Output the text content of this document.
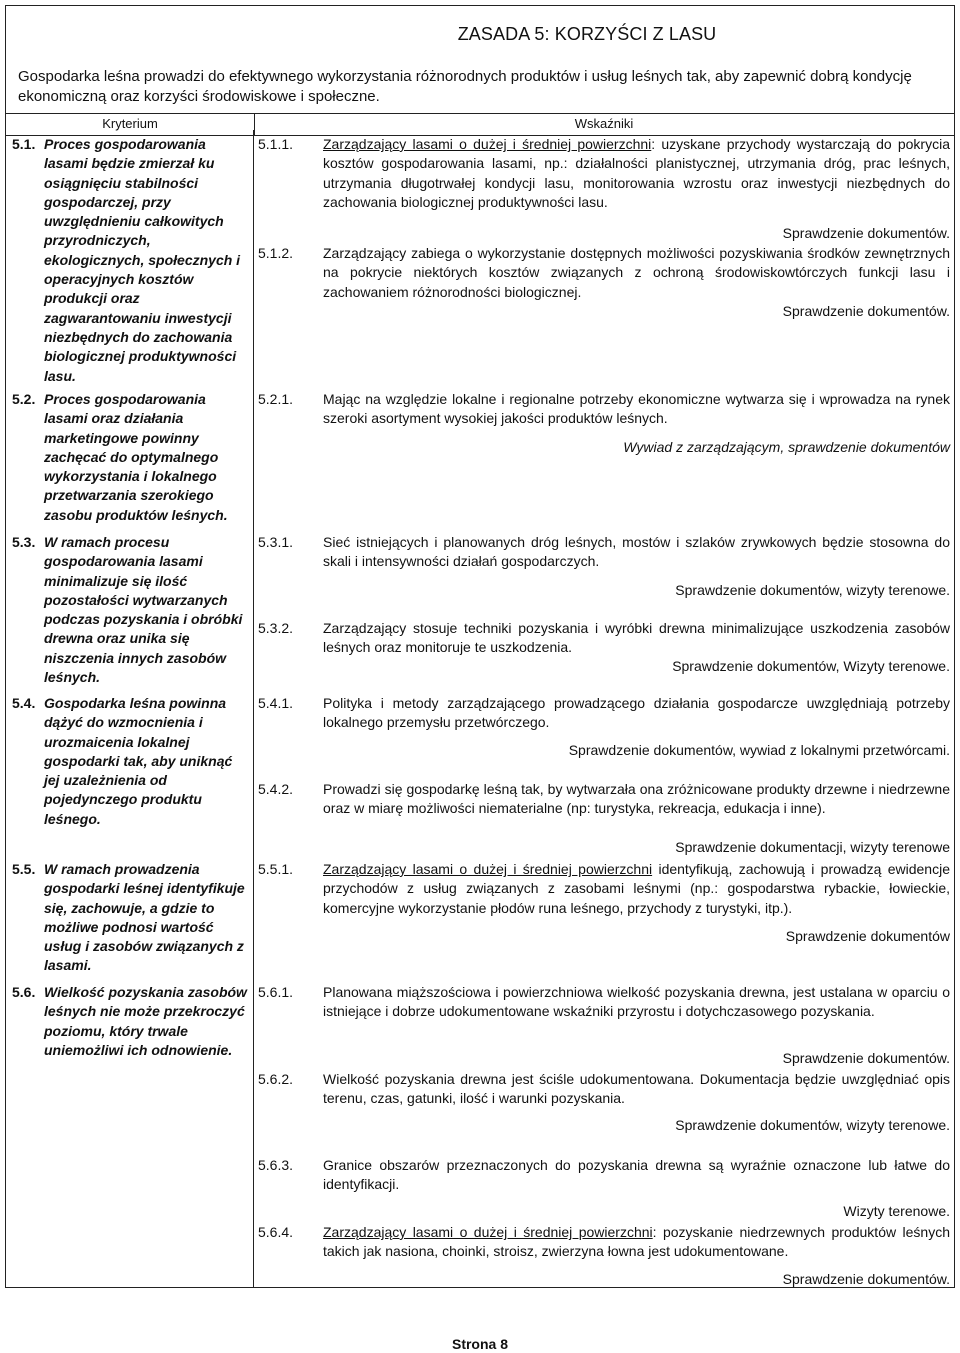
ZASADA 5: KORZYŚCI Z LASU
Gospodarka leśna prowadzi do efektywnego wykorzystania różnorodnych produktów i usług leśnych tak, aby zapewnić dobrą kondycję ekonomiczną oraz korzyści środowiskowe i społeczne.
Kryterium	Wskaźniki
5.1. Proces gospodarowania lasami będzie zmierzał ku osiągnięciu stabilności gospodarczej, przy uwzględnieniu całkowitych przyrodniczych, ekologicznych, społecznych i operacyjnych kosztów produkcji oraz zagwarantowaniu inwestycji niezbędnych do zachowania biologicznej produktywności lasu.
5.2. Proces gospodarowania lasami oraz działania marketingowe powinny zachęcać do optymalnego wykorzystania i lokalnego przetwarzania szerokiego zasobu produktów leśnych.
5.3. W ramach procesu gospodarowania lasami minimalizuje się ilość pozostałości wytwarzanych podczas pozyskania i obróbki drewna oraz unika się niszczenia innych zasobów leśnych.
5.4. Gospodarka leśna powinna dążyć do wzmocnienia i urozmaicenia lokalnej gospodarki tak, aby uniknąć jej uzależnienia od pojedynczego produktu leśnego.
5.5. W ramach prowadzenia gospodarki leśnej identyfikuje się, zachowuje, a gdzie to możliwe podnosi wartość usług i zasobów związanych z lasami.
5.6. Wielkość pozyskania zasobów leśnych nie może przekroczyć poziomu, który trwale uniemożliwi ich odnowienie.
5.1.1. Zarządzający lasami o dużej i średniej powierzchni: uzyskane przychody wystarczają do pokrycia kosztów gospodarowania lasami, np.: działalności planistycznej, utrzymania dróg, prac leśnych, utrzymania długotrwałej kondycji lasu, monitorowania wzrostu oraz inwestycji niezbędnych do zachowania biologicznej produktywności lasu.
Sprawdzenie dokumentów.
5.1.2. Zarządzający zabiega o wykorzystanie dostępnych możliwości pozyskiwania środków zewnętrznych na pokrycie niektórych kosztów związanych z ochroną środowiskowtórczych funkcji lasu i zachowaniem różnorodności biologicznej.
Sprawdzenie dokumentów.
5.2.1. Mając na względzie lokalne i regionalne potrzeby ekonomiczne wytwarza się i wprowadza na rynek szeroki asortyment wysokiej jakości produktów leśnych.
Wywiad z zarządzającym, sprawdzenie dokumentów
5.3.1. Sieć istniejących i planowanych dróg leśnych, mostów i szlaków zrywkowych będzie stosowna do skali i intensywności działań gospodarczych.
Sprawdzenie dokumentów, wizyty terenowe.
5.3.2. Zarządzający stosuje techniki pozyskania i wyróbki drewna minimalizujące uszkodzenia zasobów leśnych oraz monitoruje te uszkodzenia.
Sprawdzenie dokumentów, Wizyty terenowe.
5.4.1. Polityka i metody zarządzającego prowadzącego działania gospodarcze uwzględniają potrzeby lokalnego przemysłu przetwórczego.
Sprawdzenie dokumentów, wywiad z lokalnymi przetwórcami.
5.4.2. Prowadzi się gospodarkę leśną tak, by wytwarzała ona zróżnicowane produkty drzewne i niedrzewne oraz w miarę możliwości niematerialne (np: turystyka, rekreacja, edukacja i inne).
Sprawdzenie dokumentacji, wizyty terenowe
5.5.1. Zarządzający lasami o dużej i średniej powierzchni identyfikują, zachowują i prowadzą ewidencje przychodów z usług związanych z zasobami leśnymi (np.: gospodarstwa rybackie, łowieckie, komercyjne wykorzystanie płodów runa leśnego, przychody z turystyki, itp.).
Sprawdzenie dokumentów
5.6.1. Planowana miąższościowa i powierzchniowa wielkość pozyskania drewna, jest ustalana w oparciu o istniejące i dobrze udokumentowane wskaźniki przyrostu i dotychczasowego pozyskania.
Sprawdzenie dokumentów.
5.6.2. Wielkość pozyskania drewna jest ściśle udokumentowana. Dokumentacja będzie uwzględniać opis terenu, czas, gatunki, ilość i warunki pozyskania.
Sprawdzenie dokumentów, wizyty terenowe.
5.6.3. Granice obszarów przeznaczonych do pozyskania drewna są wyraźnie oznaczone lub łatwe do identyfikacji.
Wizyty terenowe.
5.6.4. Zarządzający lasami o dużej i średniej powierzchni: pozyskanie niedrzewnych produktów leśnych takich jak nasiona, choinki, stroisz, zwierzyna łowna jest udokumentowane.
Sprawdzenie dokumentów.
Strona 8
